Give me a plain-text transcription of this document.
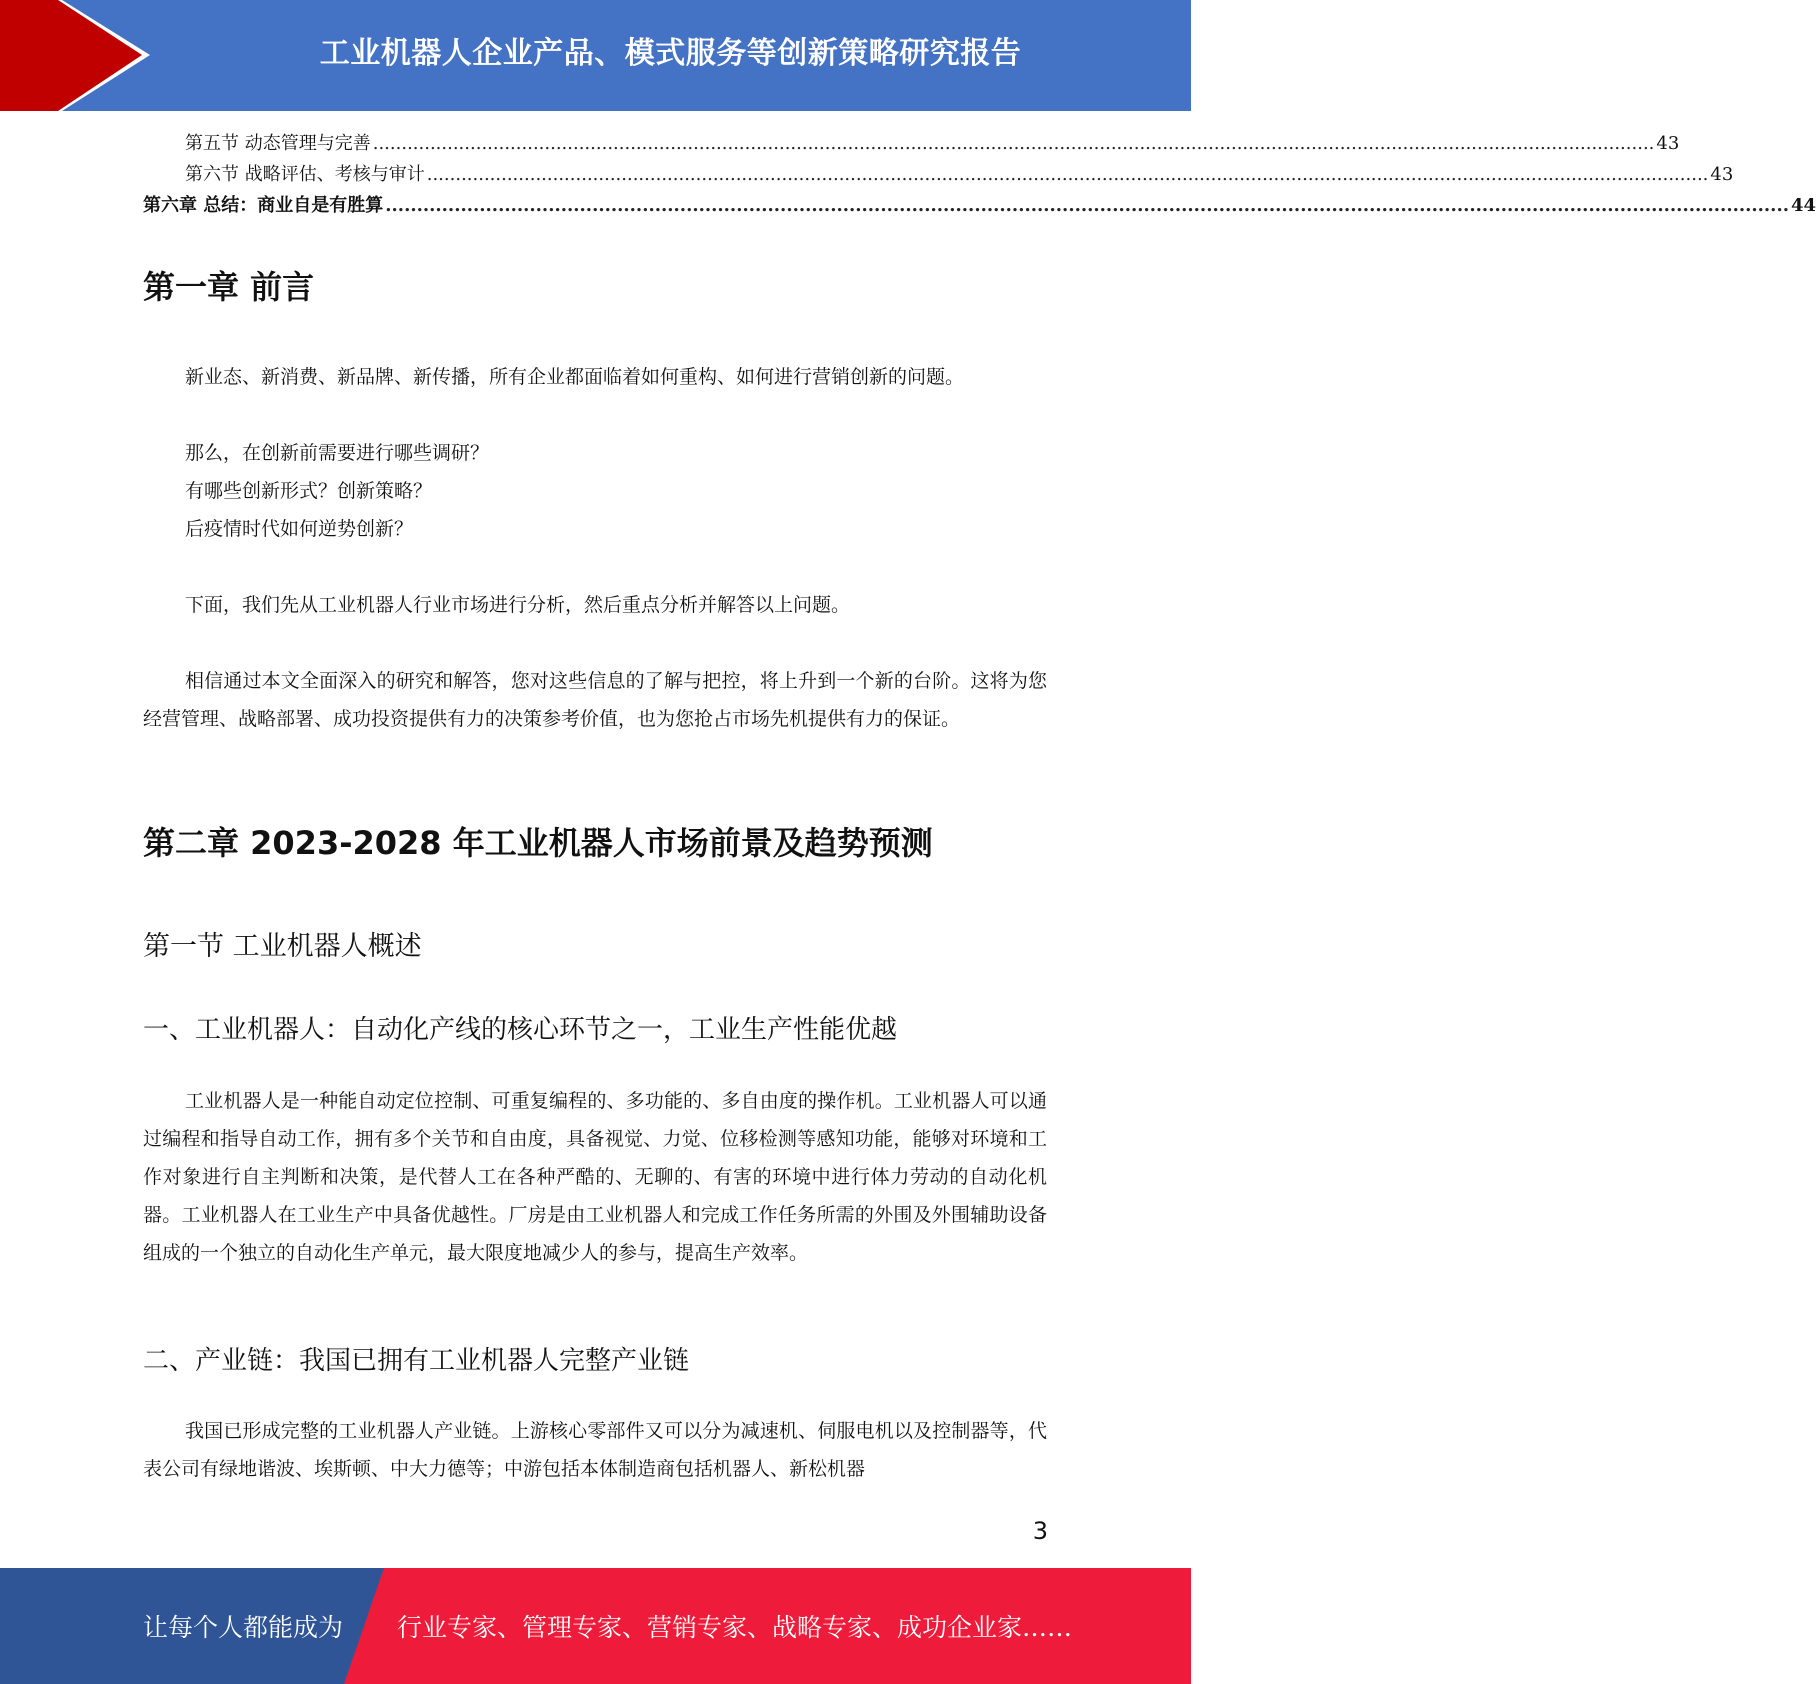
工业机器人企业产品、模式服务等创新策略研究报告
第五节 动态管理与完善 ................................................................................................................................................................................................................................ 43
第六节 战略评估、考核与审计 ................................................................................................................................................................................................................................ 43
第六章 总结：商业自是有胜算 ................................................................................................................................................................................................................................ 44
第一章 前言
新业态、新消费、新品牌、新传播，所有企业都面临着如何重构、如何进行营销创新的问题。
那么，在创新前需要进行哪些调研？
有哪些创新形式？创新策略？
后疫情时代如何逆势创新？
下面，我们先从工业机器人行业市场进行分析，然后重点分析并解答以上问题。

相信通过本文全面深入的研究和解答，您对这些信息的了解与把控，将上升到一个新的台阶。这将为您经营管理、战略部署、成功投资提供有力的决策参考价值，也为您抢占市场先机提供有力的保证。

第二章 2023-2028 年工业机器人市场前景及趋势预测
第一节 工业机器人概述
一、工业机器人：自动化产线的核心环节之一，工业生产性能优越

工业机器人是一种能自动定位控制、可重复编程的、多功能的、多自由度的操作机。工业机器人可以通过编程和指导自动工作，拥有多个关节和自由度，具备视觉、力觉、位移检测等感知功能，能够对环境和工作对象进行自主判断和决策，是代替人工在各种严酷的、无聊的、有害的环境中进行体力劳动的自动化机器。工业机器人在工业生产中具备优越性。厂房是由工业机器人和完成工作任务所需的外围及外围辅助设备组成的一个独立的自动化生产单元，最大限度地减少人的参与，提高生产效率。

二、产业链：我国已拥有工业机器人完整产业链

我国已形成完整的工业机器人产业链。上游核心零部件又可以分为减速机、伺服电机以及控制器等，代表公司有绿地谐波、埃斯顿、中大力德等；中游包括本体制造商包括机器人、新松机器

3
让每个人都能成为 行业专家、管理专家、营销专家、战略专家、成功企业家……
